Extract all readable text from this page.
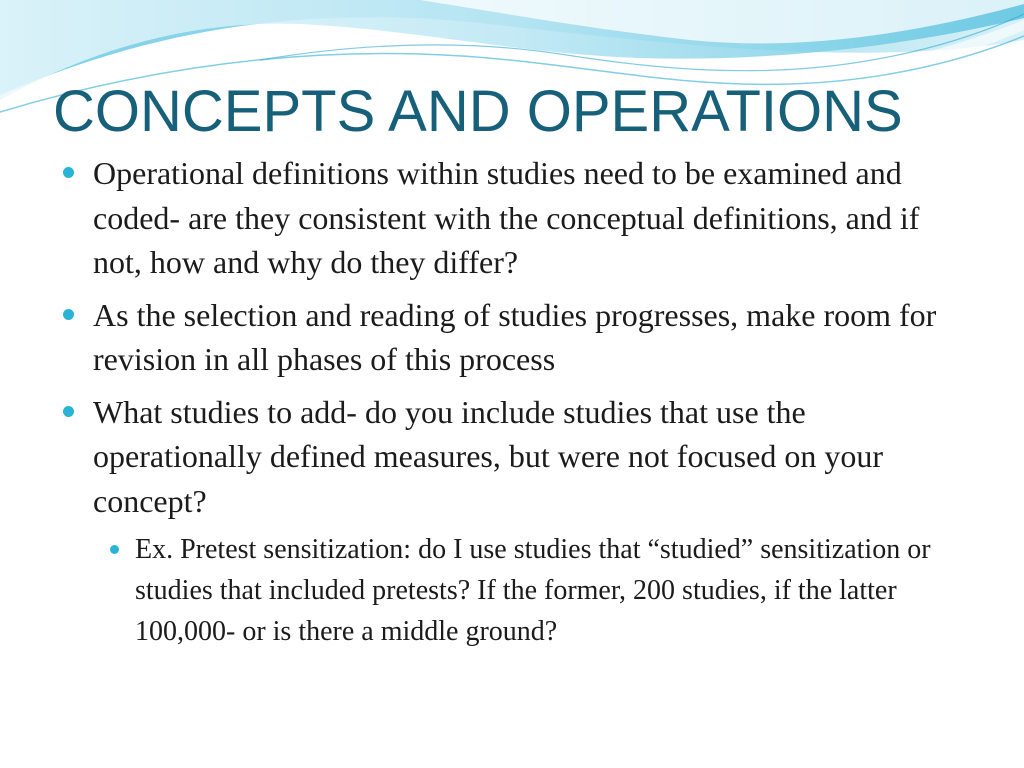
CONCEPTS AND OPERATIONS
Operational definitions within studies need to be examined and coded- are they consistent with the conceptual definitions, and if not, how and why do they differ?
As the selection and reading of studies progresses, make room for revision in all phases of this process
What studies to add- do you include studies that use the operationally defined measures, but were not focused on your concept?
Ex. Pretest sensitization: do I use studies that “studied” sensitization or studies that included pretests? If the former, 200 studies, if the latter 100,000- or is there a middle ground?
